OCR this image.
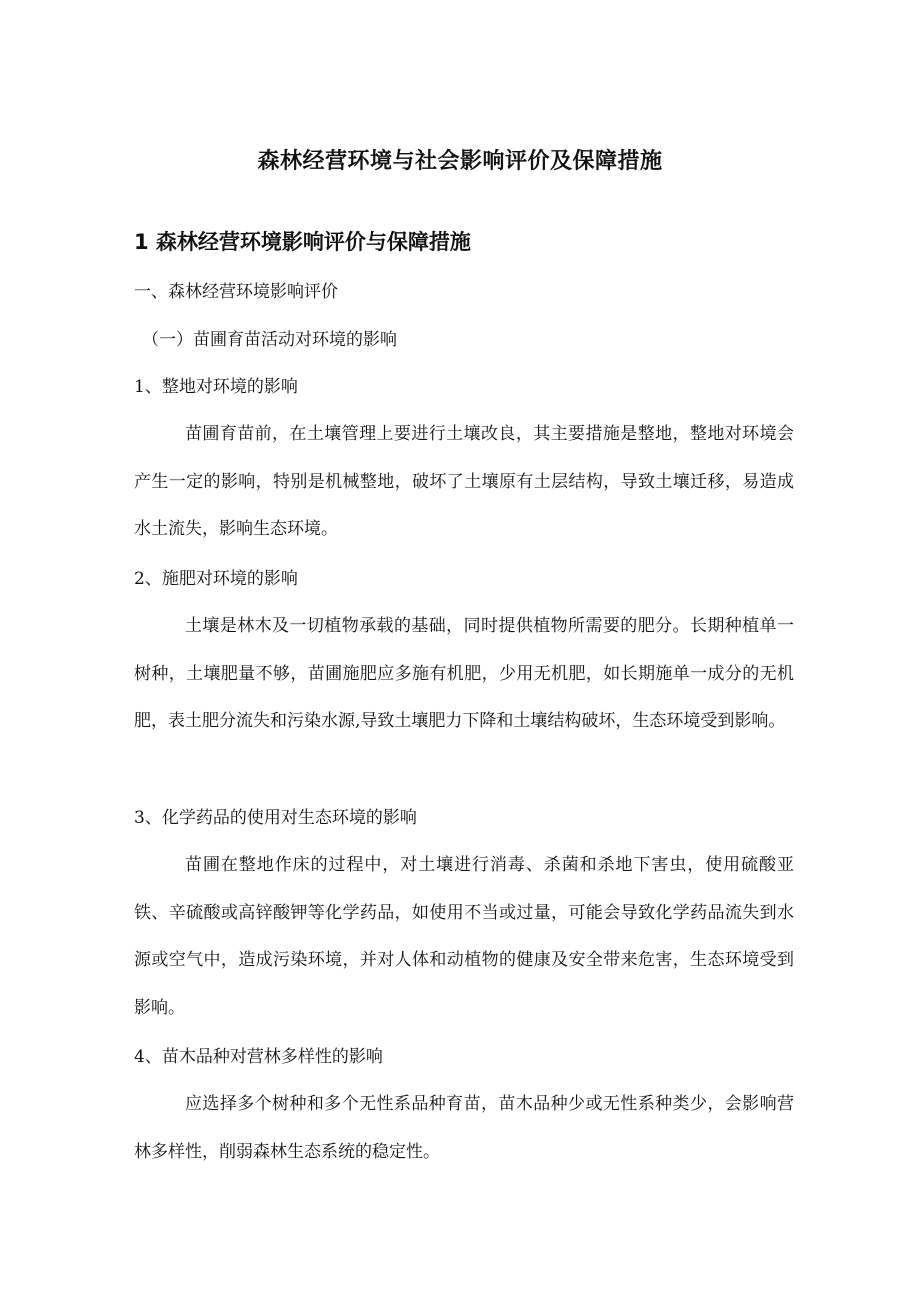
森林经营环境与社会影响评价及保障措施
1 森林经营环境影响评价与保障措施
一、森林经营环境影响评价
（一）苗圃育苗活动对环境的影响
1、整地对环境的影响
苗圃育苗前，在土壤管理上要进行土壤改良，其主要措施是整地，整地对环境会产生一定的影响，特别是机械整地，破坏了土壤原有土层结构，导致土壤迁移，易造成水土流失，影响生态环境。
2、施肥对环境的影响
土壤是林木及一切植物承载的基础，同时提供植物所需要的肥分。长期种植单一树种，土壤肥量不够，苗圃施肥应多施有机肥，少用无机肥，如长期施单一成分的无机肥，表土肥分流失和污染水源,导致土壤肥力下降和土壤结构破坏，生态环境受到影响。
3、化学药品的使用对生态环境的影响
苗圃在整地作床的过程中，对土壤进行消毒、杀菌和杀地下害虫，使用硫酸亚铁、辛硫酸或高锌酸钾等化学药品，如使用不当或过量，可能会导致化学药品流失到水源或空气中，造成污染环境，并对人体和动植物的健康及安全带来危害，生态环境受到影响。
4、苗木品种对营林多样性的影响
应选择多个树种和多个无性系品种育苗，苗木品种少或无性系种类少，会影响营林多样性，削弱森林生态系统的稳定性。
